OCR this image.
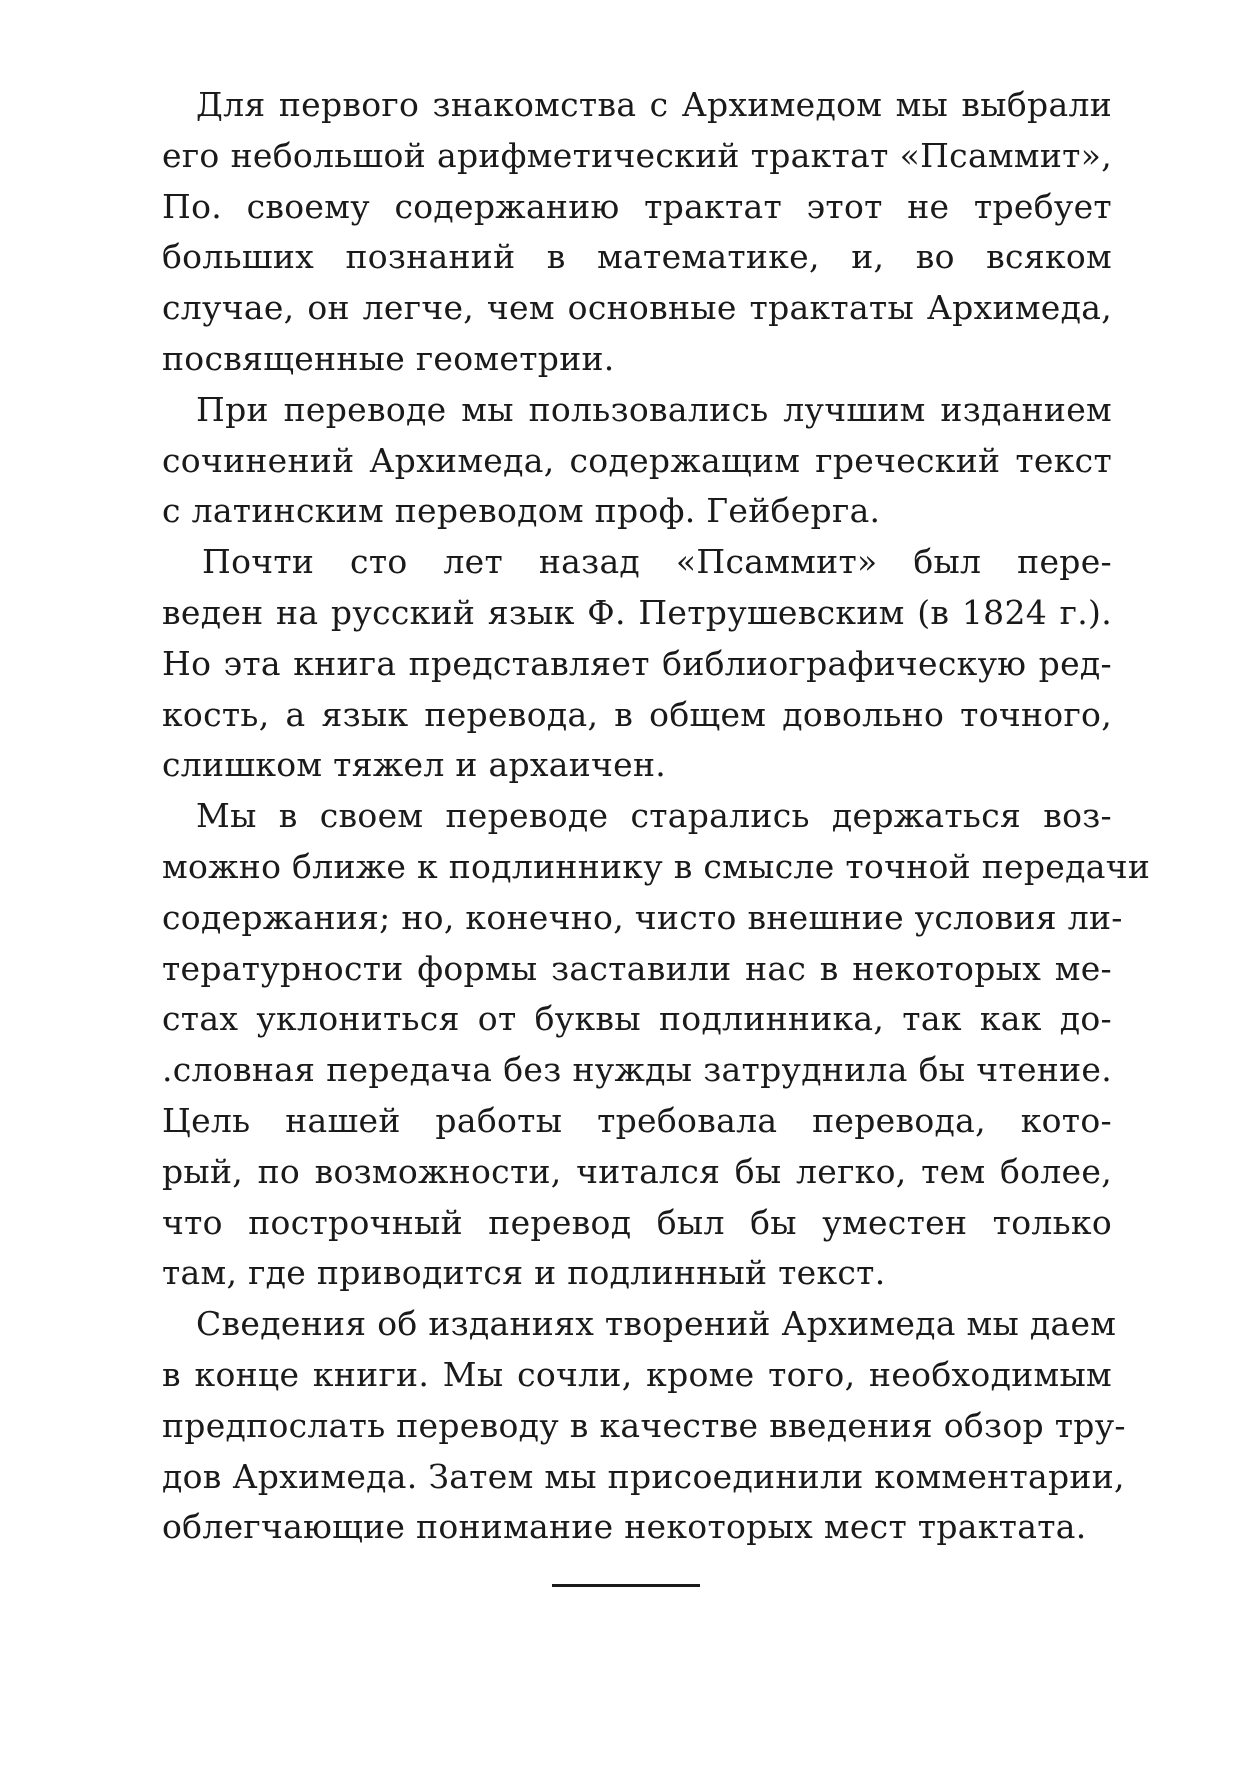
Для первого знакомства с Архимедом мы выбрали
его небольшой арифметический трактат «Псаммит»,
По. своему содержанию трактат этот не требует
больших познаний в математике, и, во всяком
случае, он легче, чем основные трактаты Архимеда,
посвященные геометрии.
При переводе мы пользовались лучшим изданием
сочинений Архимеда, содержащим греческий текст
с латинским переводом проф. Гейберга.
Почти сто лет назад «Псаммит» был пере-
веден на русский язык Ф. Петрушевским (в 1824 г.).
Но эта книга представляет библиографическую ред-
кость, а язык перевода, в общем довольно точного,
слишком тяжел и архаичен.
Мы в своем переводе старались держаться воз-
можно ближе к подлиннику в смысле точной передачи
содержания; но, конечно, чисто внешние условия ли-
тературности формы заставили нас в некоторых ме-
стах уклониться от буквы подлинника, так как до-
.словная передача без нужды затруднила бы чтение.
Цель нашей работы требовала перевода, кото-
рый, по возможности, читался бы легко, тем более,
что построчный перевод был бы уместен только
там, где приводится и подлинный текст.
Сведения об изданиях творений Архимеда мы даем
в конце книги. Мы сочли, кроме того, необходимым
предпослать переводу в качестве введения обзор тру-
дов Архимеда. Затем мы присоединили комментарии,
облегчающие понимание некоторых мест трактата.
